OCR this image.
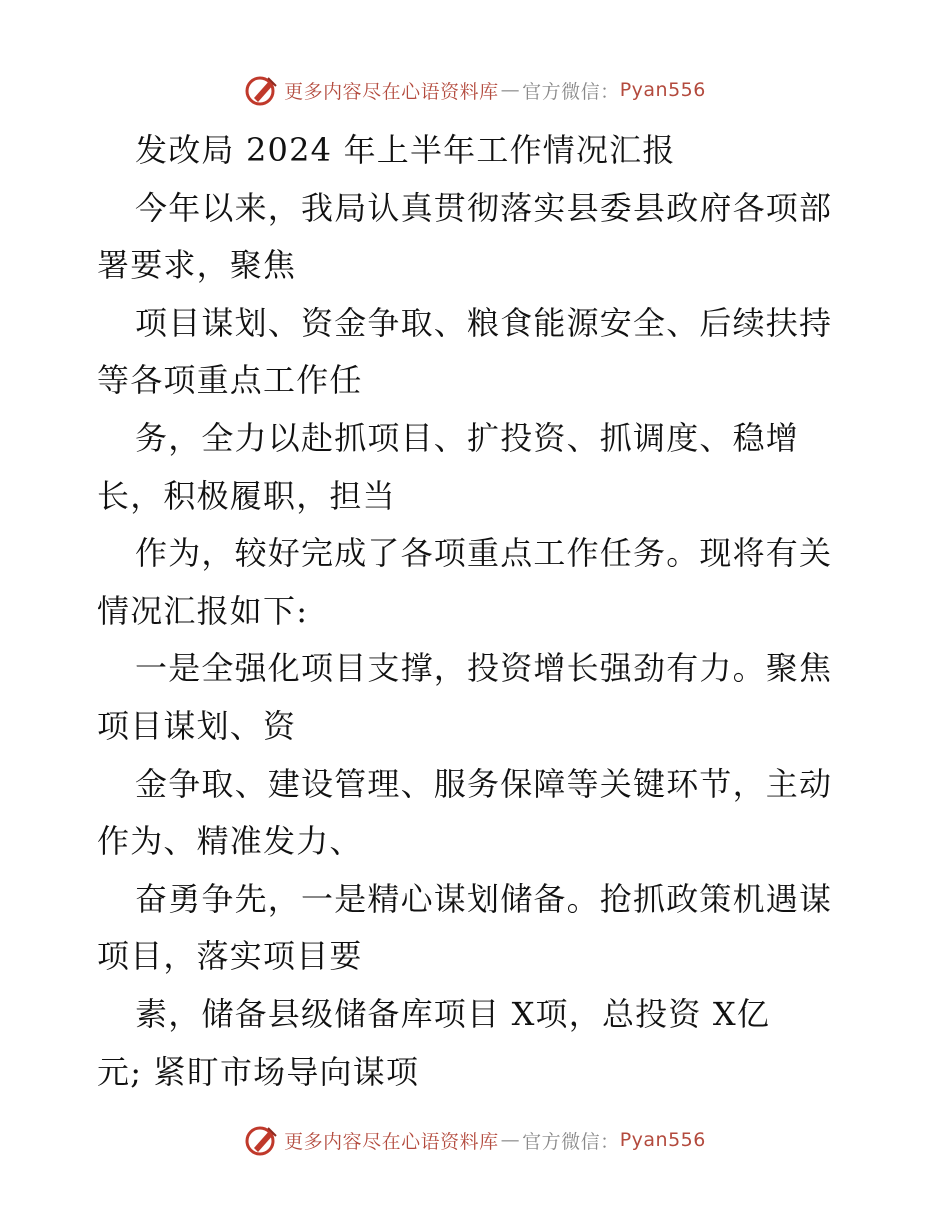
更多内容尽在心语资料库 — 官方微信： Pyan556
发改局 2024 年上半年工作情况汇报
今年以来，我局认真贯彻落实县委县政府各项部
署要求，聚焦
项目谋划、资金争取、粮食能源安全、后续扶持
等各项重点工作任
务，全力以赴抓项目、扩投资、抓调度、稳增
长，积极履职，担当
作为，较好完成了各项重点工作任务。现将有关
情况汇报如下:
一是全强化项目支撑，投资增长强劲有力。聚焦
项目谋划、资
金争取、建设管理、服务保障等关键环节，主动
作为、精准发力、
奋勇争先，一是精心谋划储备。抢抓政策机遇谋
项目，落实项目要
素，储备县级储备库项目 X项，总投资 X亿
元; 紧盯市场导向谋项
更多内容尽在心语资料库 — 官方微信： Pyan556
